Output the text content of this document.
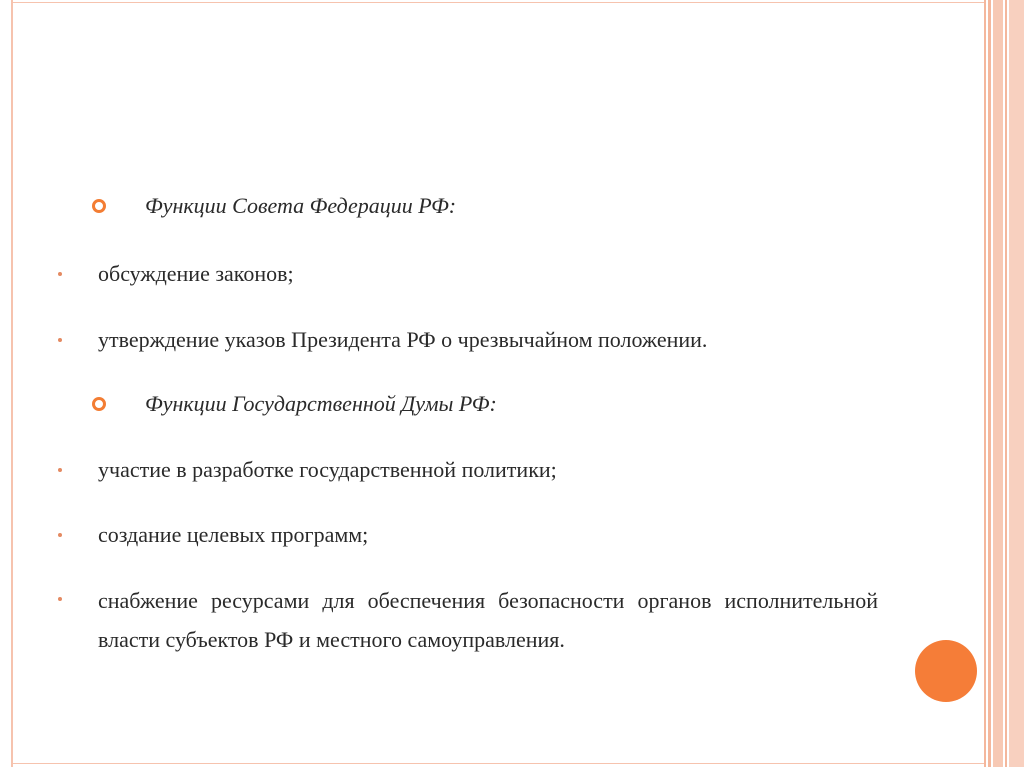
Функции Совета Федерации РФ:
обсуждение законов;
утверждение указов Президента РФ о чрезвычайном положении.
Функции Государственной Думы РФ:
участие в разработке государственной политики;
создание целевых программ;
снабжение ресурсами для обеспечения безопасности органов исполнительной власти субъектов РФ и местного самоуправления.
